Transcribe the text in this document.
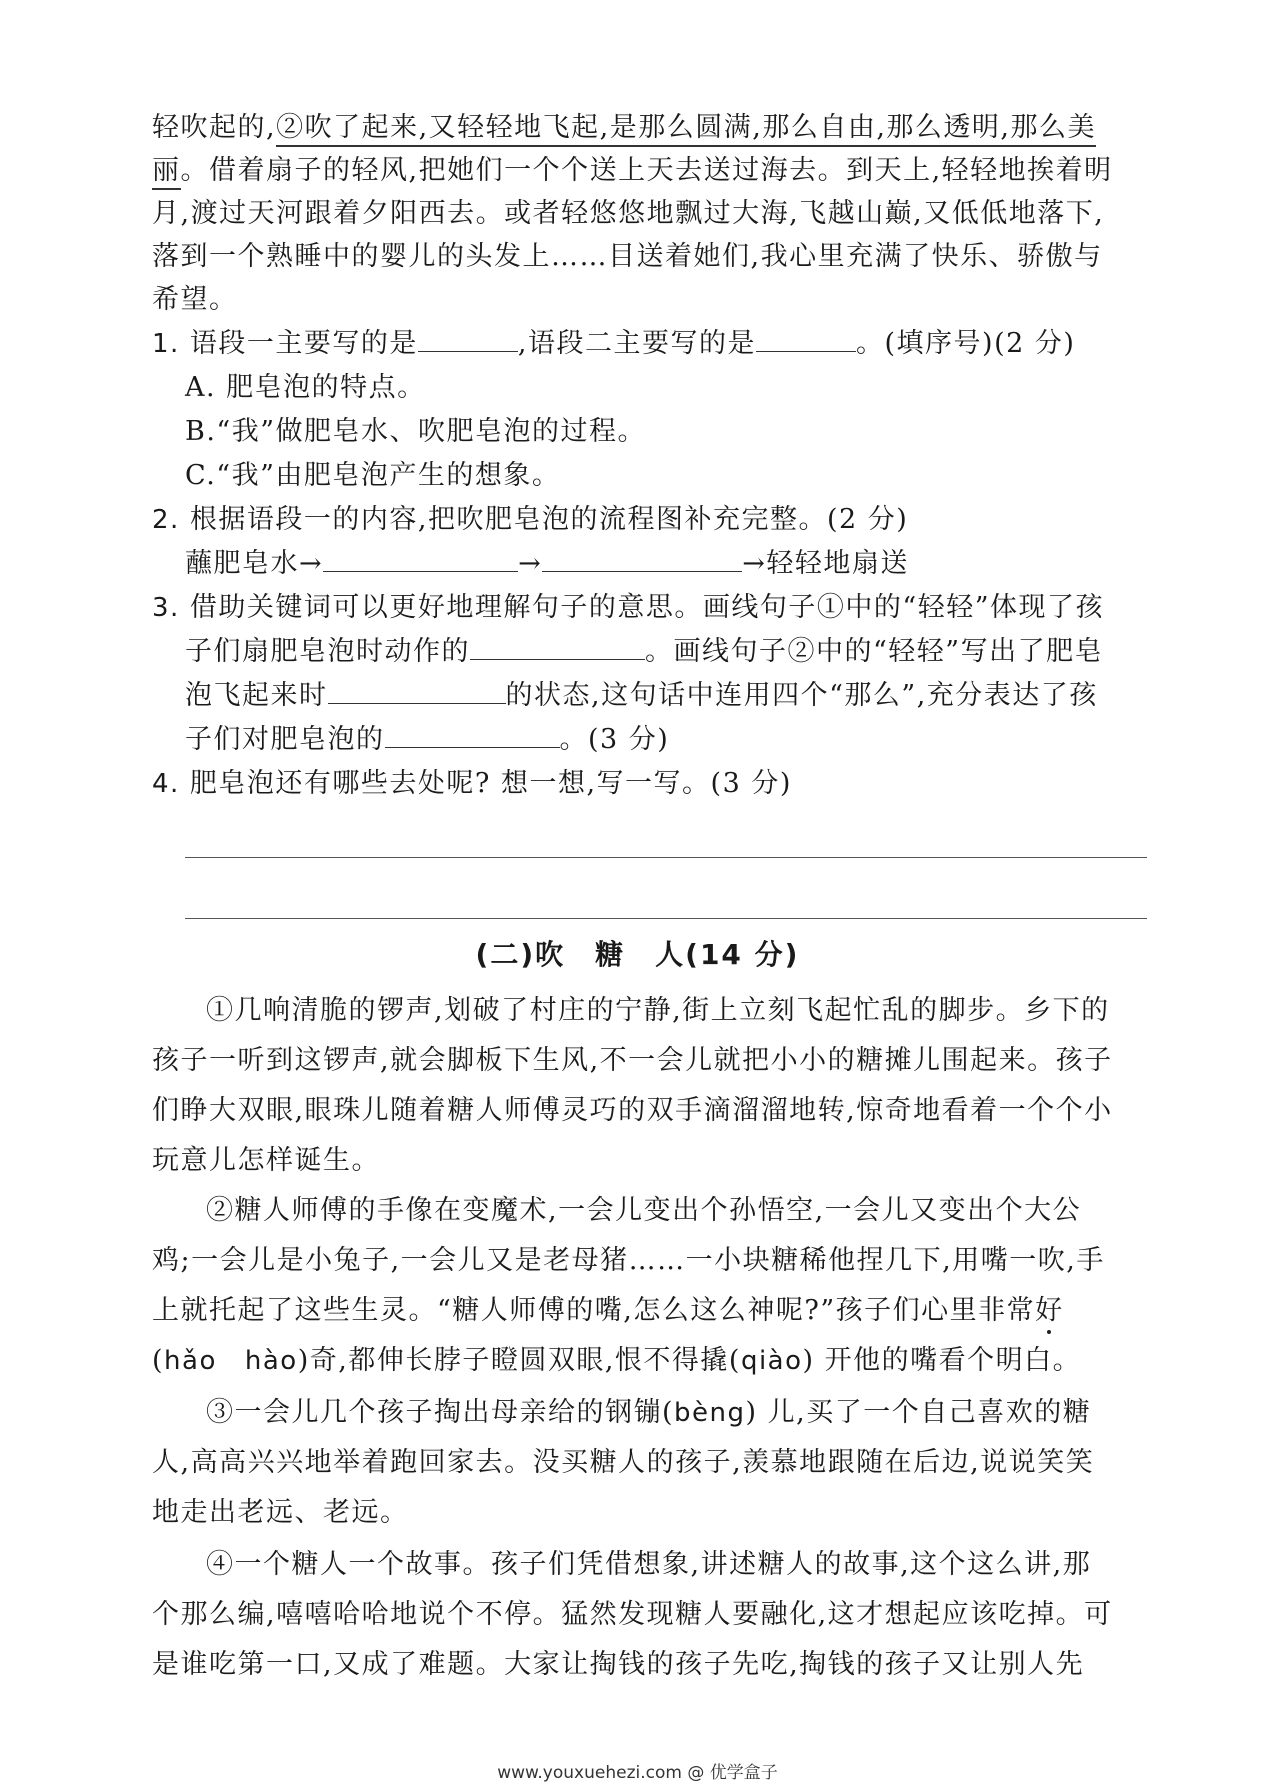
轻吹起的,②吹了起来,又轻轻地飞起,是那么圆满,那么自由,那么透明,那么美
丽。借着扇子的轻风,把她们一个个送上天去送过海去。到天上,轻轻地挨着明
月,渡过天河跟着夕阳西去。或者轻悠悠地飘过大海,飞越山巅,又低低地落下,
落到一个熟睡中的婴儿的头发上……目送着她们,我心里充满了快乐、骄傲与
希望。
1. 语段一主要写的是	,语段二主要写的是	。(填序号)(2 分)
A. 肥皂泡的特点。
B.“我”做肥皂水、吹肥皂泡的过程。
C.“我”由肥皂泡产生的想象。
2. 根据语段一的内容,把吹肥皂泡的流程图补充完整。(2 分)
蘸肥皂水→	→	→轻轻地扇送
3. 借助关键词可以更好地理解句子的意思。画线句子①中的“轻轻”体现了孩
子们扇肥皂泡时动作的	。画线句子②中的“轻轻”写出了肥皂
泡飞起来时	的状态,这句话中连用四个“那么”,充分表达了孩
子们对肥皂泡的	。(3 分)
4. 肥皂泡还有哪些去处呢? 想一想,写一写。(3 分)
(二)吹　糖　人(14 分)
①几响清脆的锣声,划破了村庄的宁静,街上立刻飞起忙乱的脚步。乡下的
孩子一听到这锣声,就会脚板下生风,不一会儿就把小小的糖摊儿围起来。孩子
们睁大双眼,眼珠儿随着糖人师傅灵巧的双手滴溜溜地转,惊奇地看着一个个小
玩意儿怎样诞生。
②糖人师傅的手像在变魔术,一会儿变出个孙悟空,一会儿又变出个大公
鸡;一会儿是小兔子,一会儿又是老母猪……一小块糖稀他捏几下,用嘴一吹,手
上就托起了这些生灵。“糖人师傅的嘴,怎么这么神呢?”孩子们心里非常好
(hǎo hào)奇,都伸长脖子瞪圆双眼,恨不得撬(qiào) 开他的嘴看个明白。
③一会儿几个孩子掏出母亲给的钢镚(bèng) 儿,买了一个自己喜欢的糖
人,高高兴兴地举着跑回家去。没买糖人的孩子,羡慕地跟随在后边,说说笑笑
地走出老远、老远。
④一个糖人一个故事。孩子们凭借想象,讲述糖人的故事,这个这么讲,那
个那么编,嘻嘻哈哈地说个不停。猛然发现糖人要融化,这才想起应该吃掉。可
是谁吃第一口,又成了难题。大家让掏钱的孩子先吃,掏钱的孩子又让别人先
www.youxuehezi.com @ 优学盒子
